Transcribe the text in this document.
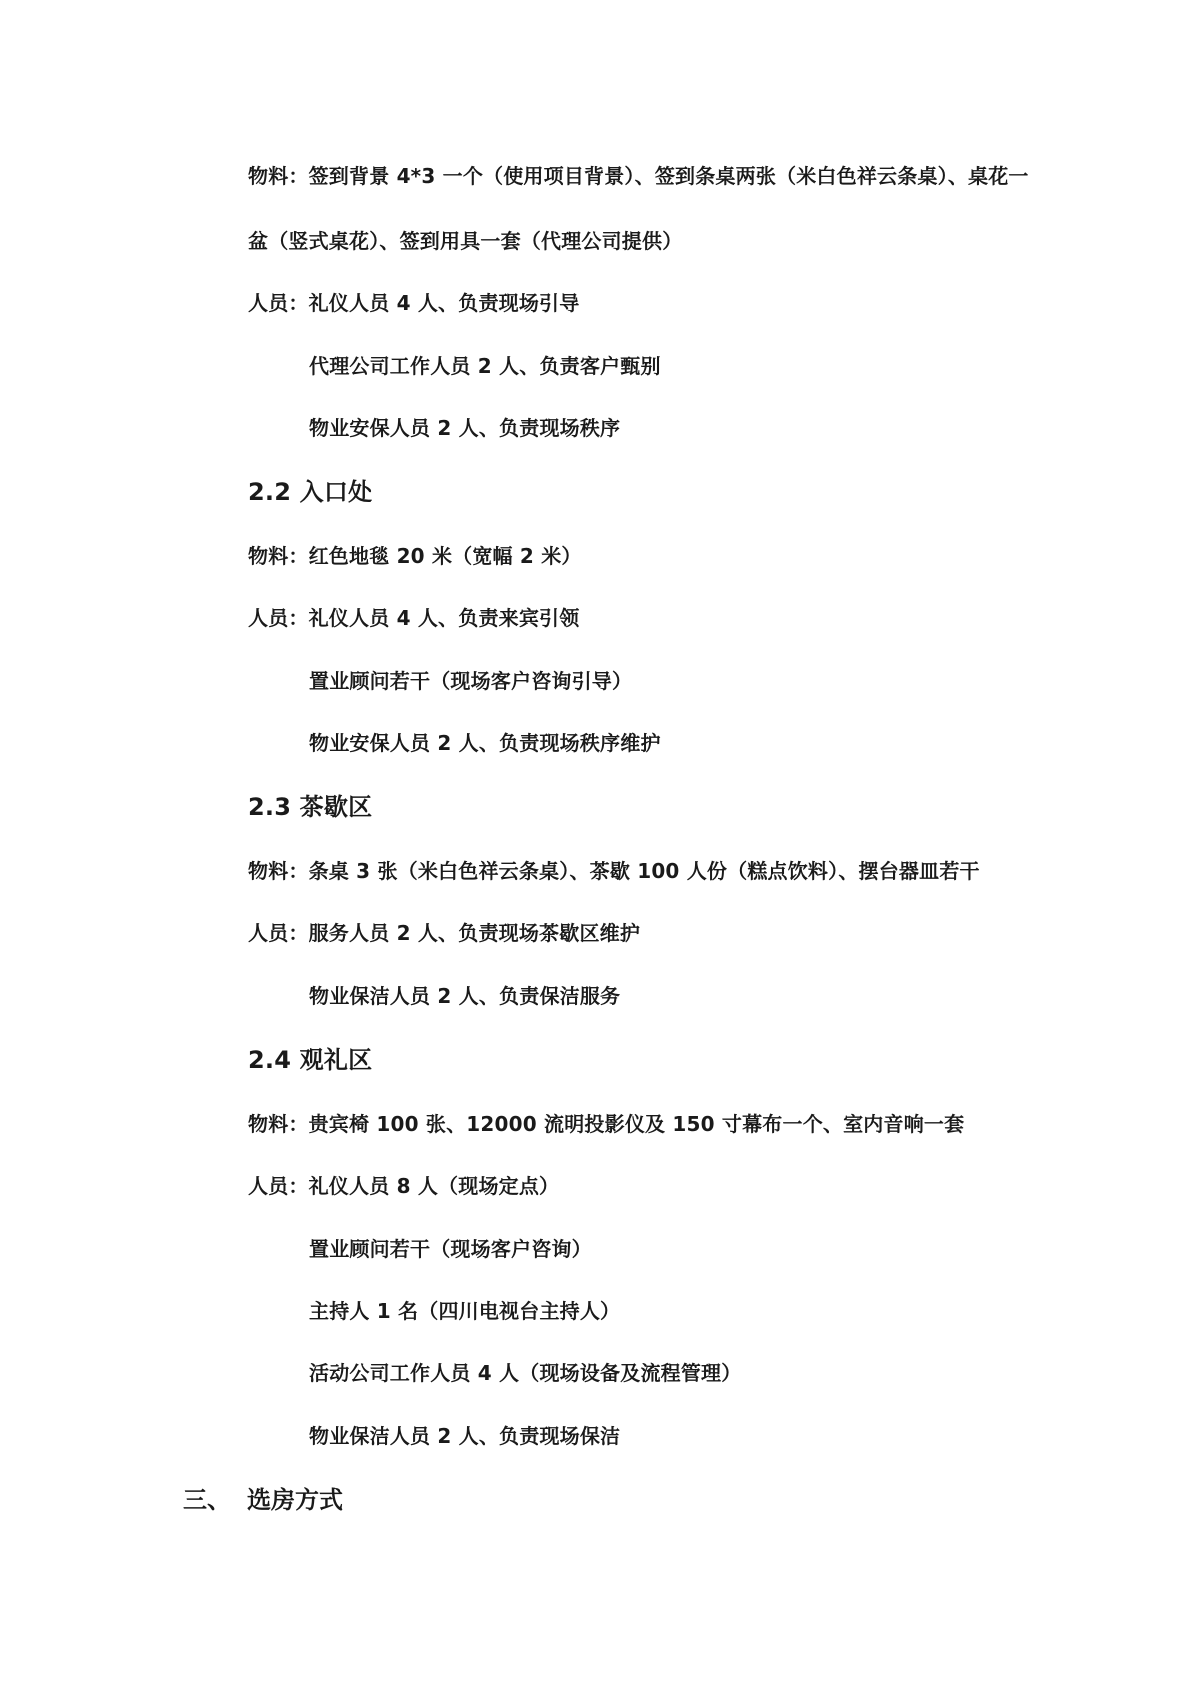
物料：签到背景 4*3 一个（使用项目背景）、签到条桌两张（米白色祥云条桌）、桌花一
盆（竖式桌花）、签到用具一套（代理公司提供）
人员：礼仪人员 4 人、负责现场引导
代理公司工作人员 2 人、负责客户甄别
物业安保人员 2 人、负责现场秩序
2.2 入口处
物料：红色地毯 20 米（宽幅 2 米）
人员：礼仪人员 4 人、负责来宾引领
置业顾问若干（现场客户咨询引导）
物业安保人员 2 人、负责现场秩序维护
2.3 茶歇区
物料：条桌 3 张（米白色祥云条桌）、茶歇 100 人份（糕点饮料）、摆台器皿若干
人员：服务人员 2 人、负责现场茶歇区维护
物业保洁人员 2 人、负责保洁服务
2.4 观礼区
物料：贵宾椅 100 张、12000 流明投影仪及 150 寸幕布一个、室内音响一套
人员：礼仪人员 8 人（现场定点）
置业顾问若干（现场客户咨询）
主持人 1 名（四川电视台主持人）
活动公司工作人员 4 人（现场设备及流程管理）
物业保洁人员 2 人、负责现场保洁
三、 选房方式
